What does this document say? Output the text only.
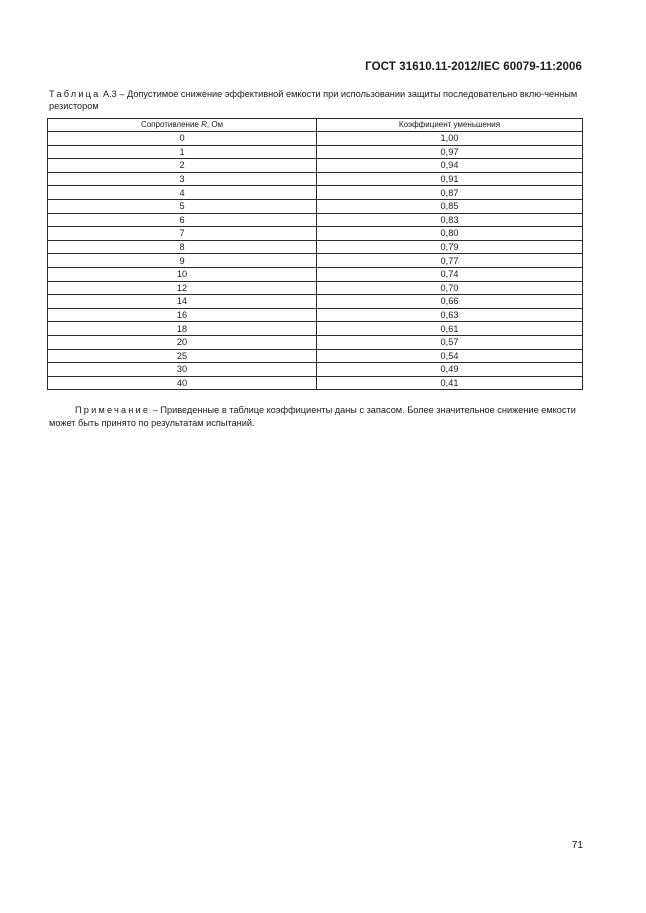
ГОСТ 31610.11-2012/IEC 60079-11:2006
Таблица А.3 – Допустимое снижение эффективной емкости при использовании защиты последовательно вклю-ченным резистором
Сопротивление R, Ом	Коэффициент уменьшения
0	1,00
1	0,97
2	0,94
3	0,91
4	0,87
5	0,85
6	0,83
7	0,80
8	0,79
9	0,77
10	0,74
12	0,70
14	0,66
16	0,63
18	0,61
20	0,57
25	0,54
30	0,49
40	0,41
Примечание – Приведенные в таблице коэффициенты даны с запасом. Более значительное снижение емкости может быть принято по результатам испытаний.
71
